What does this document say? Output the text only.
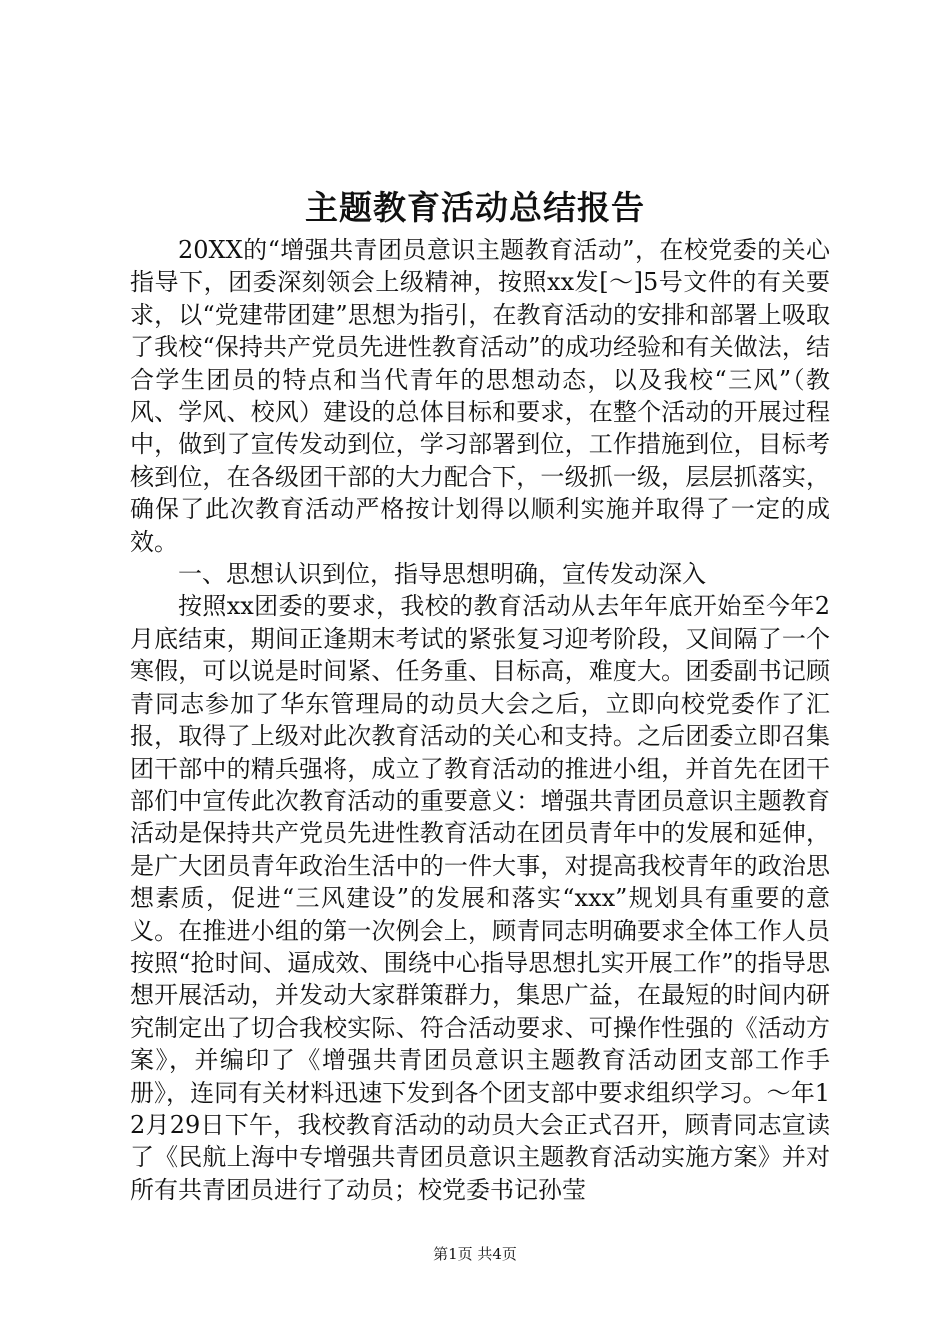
主题教育活动总结报告

20XX的“增强共青团员意识主题教育活动”，在校党委的关心指导下，团委深刻领会上级精神，按照xx发[～]5号文件的有关要求，以“党建带团建”思想为指引，在教育活动的安排和部署上吸取了我校“保持共产党员先进性教育活动”的成功经验和有关做法，结合学生团员的特点和当代青年的思想动态，以及我校“三风”（教风、学风、校风）建设的总体目标和要求，在整个活动的开展过程中，做到了宣传发动到位，学习部署到位，工作措施到位，目标考核到位，在各级团干部的大力配合下，一级抓一级，层层抓落实，确保了此次教育活动严格按计划得以顺利实施并取得了一定的成效。

一、思想认识到位，指导思想明确，宣传发动深入

按照xx团委的要求，我校的教育活动从去年年底开始至今年2月底结束，期间正逢期末考试的紧张复习迎考阶段，又间隔了一个寒假，可以说是时间紧、任务重、目标高，难度大。团委副书记顾青同志参加了华东管理局的动员大会之后，立即向校党委作了汇报，取得了上级对此次教育活动的关心和支持。之后团委立即召集团干部中的精兵强将，成立了教育活动的推进小组，并首先在团干部们中宣传此次教育活动的重要意义：增强共青团员意识主题教育活动是保持共产党员先进性教育活动在团员青年中的发展和延伸，是广大团员青年政治生活中的一件大事，对提高我校青年的政治思想素质，促进“三风建设”的发展和落实“xxx”规划具有重要的意义。在推进小组的第一次例会上，顾青同志明确要求全体工作人员按照“抢时间、逼成效、围绕中心指导思想扎实开展工作”的指导思想开展活动，并发动大家群策群力，集思广益，在最短的时间内研究制定出了切合我校实际、符合活动要求、可操作性强的《活动方案》，并编印了《增强共青团员意识主题教育活动团支部工作手册》，连同有关材料迅速下发到各个团支部中要求组织学习。～年12月29日下午，我校教育活动的动员大会正式召开，顾青同志宣读了《民航上海中专增强共青团员意识主题教育活动实施方案》并对所有共青团员进行了动员；校党委书记孙莹

第1页 共4页
